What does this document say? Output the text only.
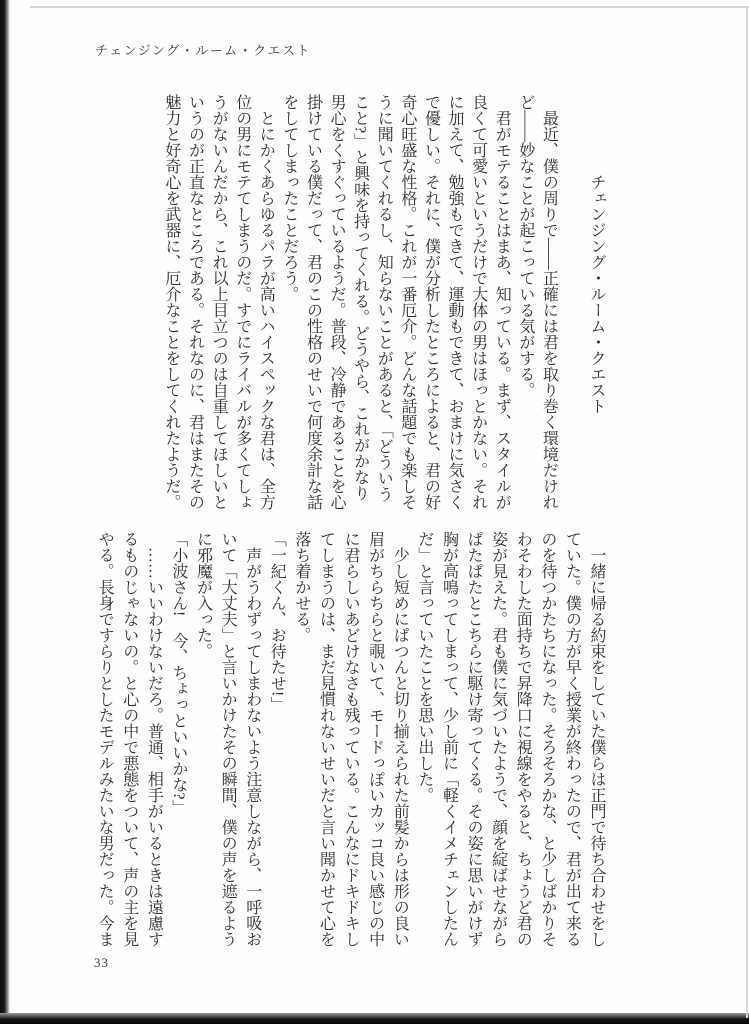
チェンジング・ルーム・クエスト

チェンジング・ルーム・クエスト

最近、僕の周りで——正確には君を取り巻く環境だけれど——妙なことが起こっている気がする。

君がモテることはまあ、知っている。まず、スタイルが良くて可愛いというだけで大体の男はほっとかない。それに加えて、勉強もできて、運動もできて、おまけに気さくで優しい。それに、僕が分析したところによると、君の好奇心旺盛な性格。これが一番厄介。どんな話題でも楽しそうに聞いてくれるし、知らないことがあると、「どういうこと?」と興味を持ってくれる。どうやら、これがかなり男心をくすぐっているようだ。普段、冷静であることを心掛けている僕だって、君のこの性格のせいで何度余計な話をしてしまったことだろう。

とにかくあらゆるパラが高いハイスペックな君は、全方位の男にモテてしまうのだ。すでにライバルが多くてしょうがないんだから、これ以上目立つのは自重してほしいというのが正直なところである。それなのに、君はまたその魅力と好奇心を武器に、厄介なことをしてくれたようだ。

一緒に帰る約束をしていた僕らは正門で待ち合わせをしていた。僕の方が早く授業が終わったので、君が出て来るのを待つかたちになった。そろそろかな、と少しばかりそわそわした面持ちで昇降口に視線をやると、ちょうど君の姿が見えた。君も僕に気づいたようで、顔を綻ばせながらぱたぱたとこちらに駆け寄ってくる。その姿に思いがけず胸が高鳴ってしまって、少し前に「軽くイメチェンしたんだ」と言っていたことを思い出した。

少し短めにぱつんと切り揃えられた前髪からは形の良い眉がちらちらと覗いて、モードっぽいカッコ良い感じの中に君らしいあどけなさも残っている。こんなにドキドキしてしまうのは、まだ見慣れないせいだと言い聞かせて心を落ち着かせる。

「一紀くん、お待たせ!」

声がうわずってしまわないよう注意しながら、一呼吸おいて「大丈夫」と言いかけたその瞬間、僕の声を遮るように邪魔が入った。

「小波さん!　今、ちょっといいかな?」

……いいわけないだろ。普通、相手がいるときは遠慮するものじゃないの。と心の中で悪態をついて、声の主を見やる。長身ですらりとしたモデルみたいな男だった。今ま

33
